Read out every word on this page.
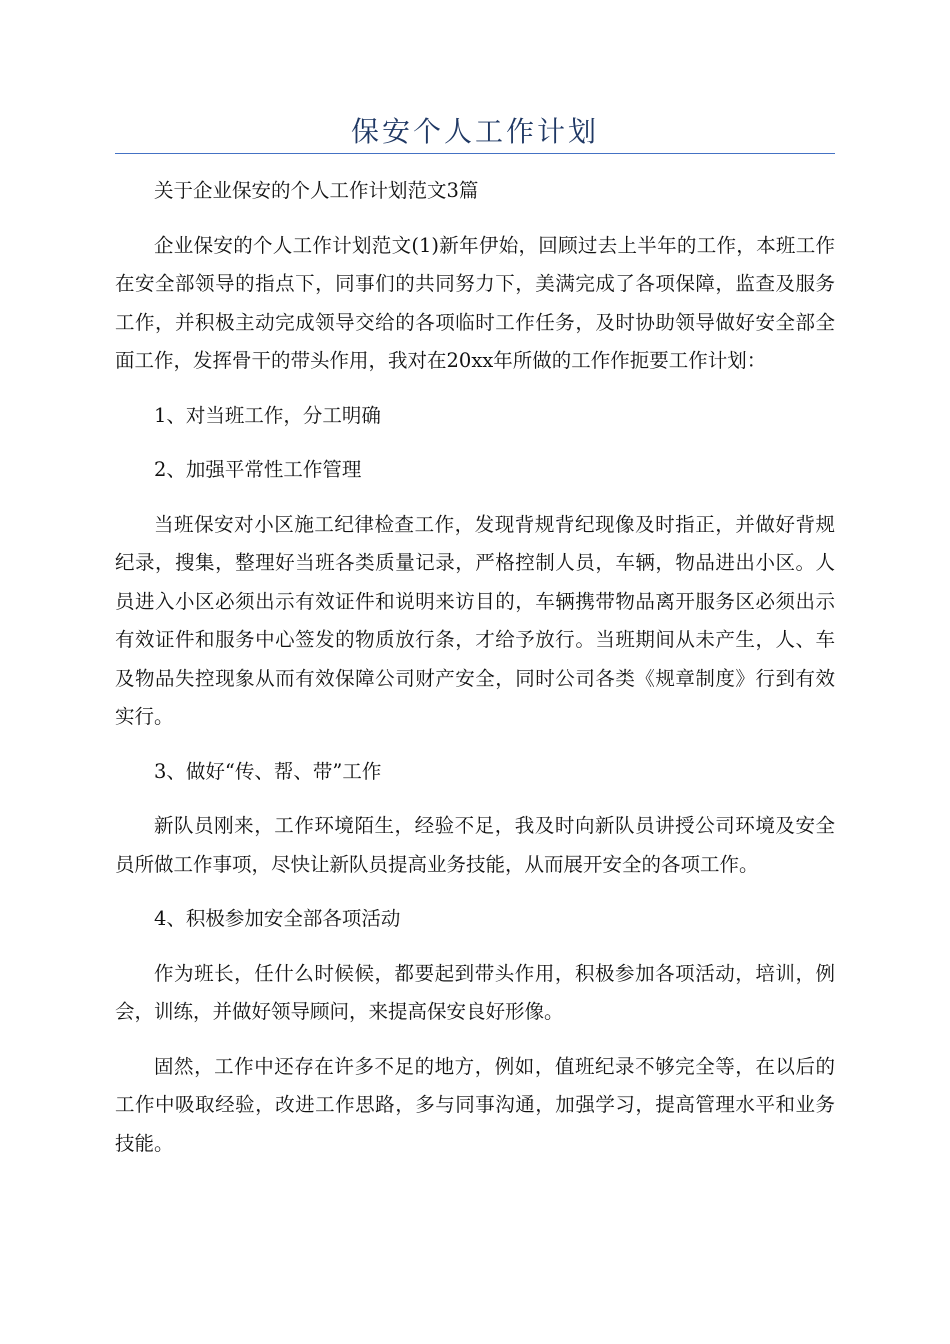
保安个人工作计划

关于企业保安的个人工作计划范文3篇

企业保安的个人工作计划范文(1)新年伊始，回顾过去上半年的工作，本班工作在安全部领导的指点下，同事们的共同努力下，美满完成了各项保障，监查及服务工作，并积极主动完成领导交给的各项临时工作任务，及时协助领导做好安全部全面工作，发挥骨干的带头作用，我对在20xx年所做的工作作扼要工作计划：

1、对当班工作，分工明确

2、加强平常性工作管理

当班保安对小区施工纪律检查工作，发现背规背纪现像及时指正，并做好背规纪录，搜集，整理好当班各类质量记录，严格控制人员，车辆，物品进出小区。人员进入小区必须出示有效证件和说明来访目的，车辆携带物品离开服务区必须出示有效证件和服务中心签发的物质放行条，才给予放行。当班期间从未产生，人、车及物品失控现象从而有效保障公司财产安全，同时公司各类《规章制度》行到有效实行。

3、做好“传、帮、带”工作

新队员刚来，工作环境陌生，经验不足，我及时向新队员讲授公司环境及安全员所做工作事项，尽快让新队员提高业务技能，从而展开安全的各项工作。

4、积极参加安全部各项活动

作为班长，任什么时候候，都要起到带头作用，积极参加各项活动，培训，例会，训练，并做好领导顾问，来提高保安良好形像。

固然，工作中还存在许多不足的地方，例如，值班纪录不够完全等，在以后的工作中吸取经验，改进工作思路，多与同事沟通，加强学习，提高管理水平和业务技能。
